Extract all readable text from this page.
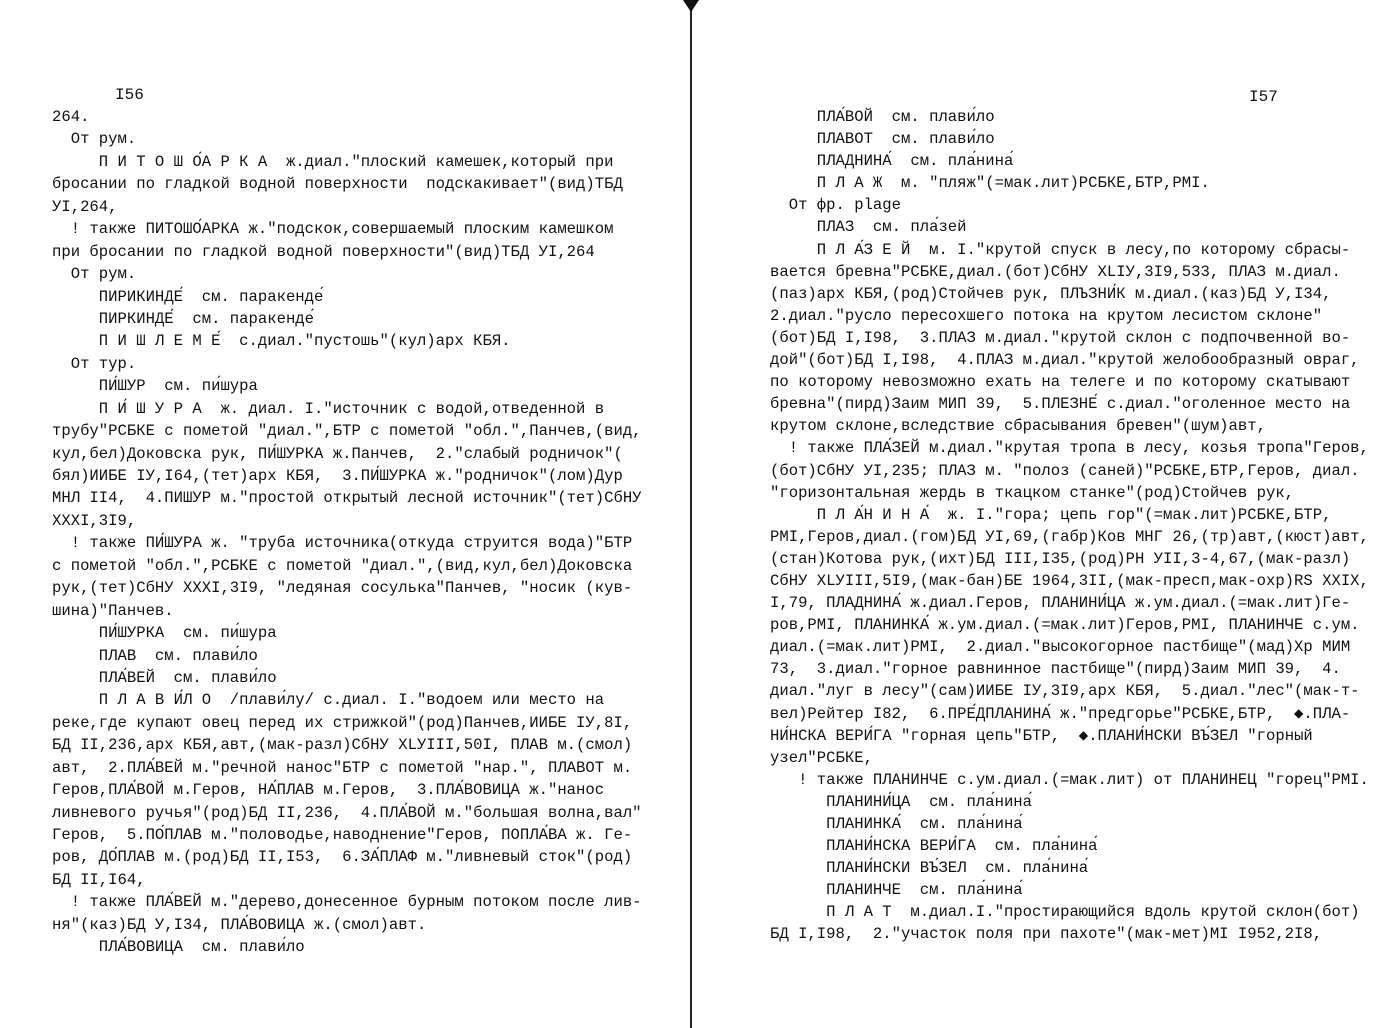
I56	I57
264.
От рум.
П И Т О Ш О́А Р К А  ж.диал."плоский камешек,который при
бросании по гладкой водной поверхности  подскакивает"(вид)ТБД
УI,264,
! также ПИТОШО́АРКА ж."подскок,совершаемый плоским камешком
при бросании по гладкой водной поверхности"(вид)ТБД УI,264
От рум.
ПИРИКИНДЕ́  см. паракенде́
ПИРКИНДЕ́  см. паракенде́
П И Ш Л Е М Е́  с.диал."пустошь"(кул)арх КБЯ.
От тур.
ПИ́ШУР  см. пи́шура
П И́ Ш У Р А  ж. диал. I."источник с водой,отведенной в
трубу"РСБКЕ с пометой "диал.",БТР с пометой "обл.",Панчев,(вид,
кул,бел)Доковска рук, ПИ́ШУРКА ж.Панчев,  2."слабый родничок"(
бял)ИИБЕ IУ,I64,(тет)арх КБЯ,  3.ПИ́ШУРКА ж."родничок"(лом)Дур
МНЛ II4,  4.ПИШУР м."простой открытый лесной источник"(тет)СбНУ
XXXI,3I9,
! также ПИ́ШУРА ж. "труба источника(откуда струится вода)"БТР
с пометой "обл.",РСБКЕ с пометой "диал.",(вид,кул,бел)Доковска
рук,(тет)СбНУ XXXI,3I9, "ледяная сосулька"Панчев, "носик (кув-
шина)"Панчев.
ПИ́ШУРКА  см. пи́шура
ПЛАВ  см. плави́ло
ПЛА́ВЕЙ  см. плави́ло
П Л А В И́Л О  /плави́лу/ с.диал. I."водоем или место на
реке,где купают овец перед их стрижкой"(род)Панчев,ИИБЕ IУ,8I,
БД II,236,арх КБЯ,авт,(мак-разл)СбНУ XLУIII,50I, ПЛАВ м.(смол)
авт,  2.ПЛА́ВЕЙ м."речной нанос"БТР с пометой "нар.", ПЛАВОТ м.
Геров,ПЛА́ВОЙ м.Геров, НА́ПЛАВ м.Геров,  3.ПЛА́ВОВИЦА ж."нанос
ливневого ручья"(род)БД II,236,  4.ПЛА́ВОЙ м."большая волна,вал"
Геров,  5.ПО́ПЛАВ м."половодье,наводнение"Геров, ПОПЛА́ВА ж. Ге-
ров, ДО́ПЛАВ м.(род)БД II,I53,  6.ЗА́ПЛАФ м."ливневый сток"(род)
БД II,I64,
! также ПЛА́ВЕЙ м."дерево,донесенное бурным потоком после лив-
ня"(каз)БД У,I34, ПЛА́ВОВИЦА ж.(смол)авт.
ПЛА́ВОВИЦА  см. плави́ло
ПЛА́ВОЙ  см. плави́ло
ПЛАВОТ  см. плави́ло
ПЛАДНИНА́  см. пла́нина́
П Л А Ж  м. "пляж"(=мак.лит)РСБКЕ,БТР,РМI.
От фр. plage
ПЛАЗ  см. пла́зей
П Л А́З Е Й  м. I."крутой спуск в лесу,по которому сбрасы-
вается бревна"РСБКЕ,диал.(бот)СбНУ XLIУ,3I9,533, ПЛАЗ м.диал.
(паз)арх КБЯ,(род)Стойчев рук, ПЛЪЗНИ́К м.диал.(каз)БД У,I34,
2.диал."русло пересохшего потока на крутом лесистом склоне"
(бот)БД I,I98,  3.ПЛАЗ м.диал."крутой склон с подпочвенной во-
дой"(бот)БД I,I98,  4.ПЛАЗ м.диал."крутой желобообразный овраг,
по которому невозможно ехать на телеге и по которому скатывают
бревна"(пирд)Заим МИП 39,  5.ПЛЕЗНЕ́ с.диал."оголенное место на
крутом склоне,вследствие сбрасывания бревен"(шум)авт,
! также ПЛА́ЗЕЙ м.диал."крутая тропа в лесу, козья тропа"Геров,
(бот)СбНУ УI,235; ПЛАЗ м. "полоз (саней)"РСБКЕ,БТР,Геров, диал.
"горизонтальная жердь в ткацком станке"(род)Стойчев рук,
П Л А́Н И Н А́  ж. I."гора; цепь гор"(=мак.лит)РСБКЕ,БТР,
РМI,Геров,диал.(гом)БД УI,69,(габр)Ков МНГ 26,(тр)авт,(кюст)авт,
(стан)Котова рук,(ихт)БД III,I35,(род)РН УII,3-4,67,(мак-разл)
СбНУ XLУIII,5I9,(мак-бан)БЕ 1964,3II,(мак-пресп,мак-охр)RS XXIX,
I,79, ПЛАДНИНА́ ж.диал.Геров, ПЛАНИНИ́ЦА ж.ум.диал.(=мак.лит)Ге-
ров,РМI, ПЛАНИНКА́ ж.ум.диал.(=мак.лит)Геров,РМI, ПЛАНИНЧЕ с.ум.
диал.(=мак.лит)РМI,  2.диал."высокогорное пастбище"(мад)Хр МИМ
73,  3.диал."горное равнинное пастбище"(пирд)Заим МИП 39,  4.
диал."луг в лесу"(сам)ИИБЕ IУ,3I9,арх КБЯ,  5.диал."лес"(мак-т-
вел)Рейтер I82,  6.ПРЕ́ДПЛАНИНА́ ж."предгорье"РСБКЕ,БТР,  ◆.ПЛА-
НИ́НСКА ВЕРИ́ГА "горная цепь"БТР,  ◆.ПЛАНИ́НСКИ ВЪ́ЗЕЛ "горный
узел"РСБКЕ,
! также ПЛАНИНЧЕ с.ум.диал.(=мак.лит) от ПЛАНИНЕЦ "горец"РМI.
ПЛАНИНИ́ЦА  см. пла́нина́
ПЛАНИНКА́  см. пла́нина́
ПЛАНИ́НСКА ВЕРИ́ГА  см. пла́нина́
ПЛАНИ́НСКИ ВЪ́ЗЕЛ  см. пла́нина́
ПЛАНИНЧЕ  см. пла́нина́
П Л А Т  м.диал.I."простирающийся вдоль крутой склон(бот)
БД I,I98,  2."участок поля при пахоте"(мак-мет)МI I952,2I8,
